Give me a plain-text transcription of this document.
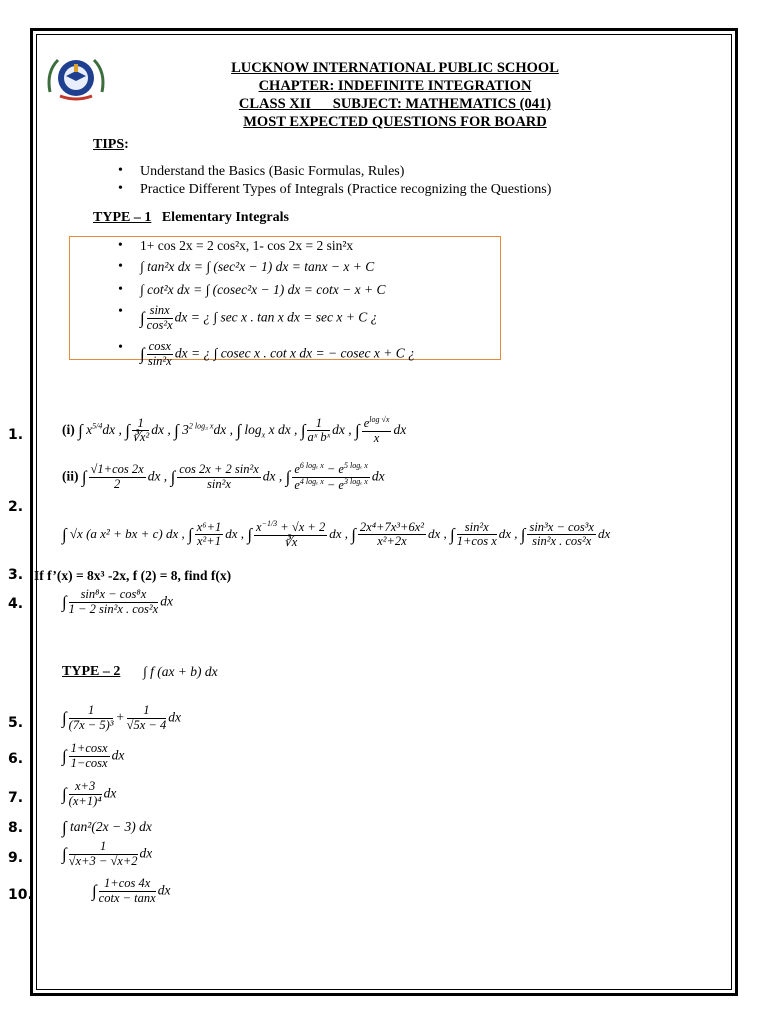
LUCKNOW INTERNATIONAL PUBLIC SCHOOL
CHAPTER: INDEFINITE INTEGRATION
CLASS XII      SUBJECT: MATHEMATICS (041)
MOST EXPECTED QUESTIONS FOR BOARD
TIPS:
• Understand the Basics (Basic Formulas, Rules)
• Practice Different Types of Integrals (Practice recognizing the Questions)
TYPE – 1 Elementary Integrals
• 1+ cos 2x = 2 cos²x, 1- cos 2x = 2 sin²x
• ∫ tan²x dx = ∫ (sec²x − 1) dx = tanx − x + C
• ∫ cot²x dx = ∫ (cosec²x − 1) dx = cotx − x + C
• ∫ $\frac{\sin x}{\text{cos²x}}$ dx = ¿ ∫ sec x . tan x dx = sec x + C ¿
• ∫ $\frac{\cos x}{\text{sin²x}}$ dx = ¿ ∫ cosec x . cot x dx = − cosec x + C ¿
1.	(i) ∫ $x^{5/4}dx$ , ∫ $\frac{1}{\text{∛x²}}$ dx , ∫ $3^{2 log_3 x}dx$ , ∫ $\log_x x$ dx , ∫ $\frac{1}{\text{aˣ bˣ}}$ dx , ∫ $\frac{e^{log √x}}{x}$ dx
(ii) ∫ $\frac{√1+\cos 2x}{2}$ dx , ∫ $\frac{\text{cos 2x + 2 sin²x}}{\text{sin²x}}$ dx , ∫ $\frac{e^{6 log_e x} - e^{5 log_e x}}{e^{4 log_e x} - e^{3 log_e x}}$ dx
2.
∫ √x (a x² + bx + c) dx , ∫ $\frac{\text{x⁶+1}}{\text{x²+1}}$ dx , ∫ $\frac{x^{-1/3} + √x + 2}{∛x}$ dx , ∫ $\frac{\text{2x⁴+7x³+6x²}}{\text{x²+2x}}$ dx , ∫ $\frac{\text{sin²x}}{\text{1+cos x}}$ dx , ∫ $\frac{\text{sin³x − cos³x}}{\text{sin²x . cos²x}}$ dx
3. If f’(x) = 8x³ -2x, f (2) = 8, find f(x)
4. ∫ $\frac{\text{sin⁸x − cos⁸x}}{\text{1 − 2 sin²x . cos²x}}$ dx
TYPE – 2 ∫ f (ax + b) dx
5. ∫ $\frac{1}{\text{(7x − 5)³}} + \frac{1}{√5x - 4}$ dx
6. ∫ $\frac{1+\cos x}{1-\cos x}$ dx
7. ∫ $\frac{x+3}{\text{(x+1)⁴}}$ dx
8. ∫ tan²(2x − 3) dx
9. ∫ $\frac{1}{√x+3 - √x+2}$ dx
10.	∫ $\frac{1+\cos 4x}{\cot x - \tan x}$ dx
